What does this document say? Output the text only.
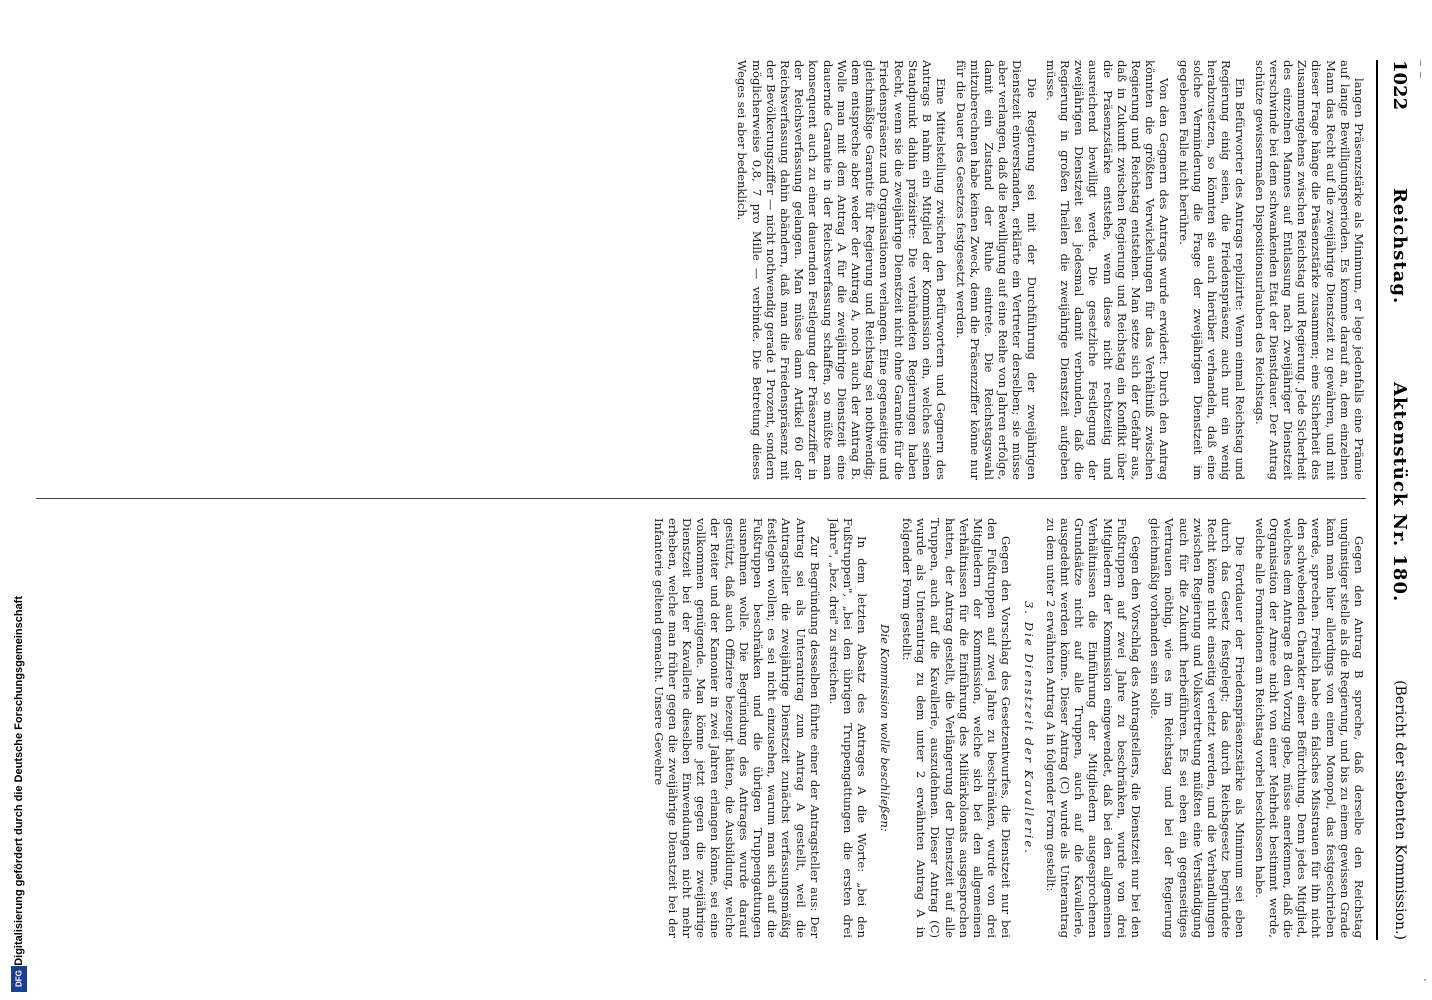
– –
1022
Reichstag.
Aktenstück Nr. 180.
(Bericht der siebenten Kommission.)

langen Präsenzstärke als Minimum, er lege jedenfalls eine Prämie auf lange Bewilligungsperioden. Es komme darauf an, dem einzelnen Mann das Recht auf die zweijährige Dienstzeit zu gewähren, und mit dieser Frage hänge die Präsenzstärke zusammen; eine Sicherheit des Zusammengehens zwischen Reichstag und Regierung. Jede Sicherheit des einzelnen Mannes auf Entlassung nach zweijähriger Dienstzeit verschwinde bei dem schwankenden Etat der Dienstdauer. Der Antrag schütze gewissermaßen Dispositionsurlauben des Reichstags.

Ein Befürworter des Antrags replizirte: Wenn einmal Reichstag und Regierung einig seien, die Friedenspräsenz auch nur ein wenig herabzusetzen, so könnten sie auch hierüber verhandeln, daß eine solche Verminderung die Frage der zweijährigen Dienstzeit im gegebenen Falle nicht berühre.

Von den Gegnern des Antrags wurde erwidert: Durch den Antrag könnten die größten Verwickelungen für das Verhältniß zwischen Regierung und Reichstag entstehen. Man setze sich der Gefahr aus, daß in Zukunft zwischen Regierung und Reichstag ein Konflikt über die Präsenzstärke entstehe, wenn diese nicht rechtzeitig und ausreichend bewilligt werde. Die gesetzliche Festlegung der zweijährigen Dienstzeit sei jedesmal damit verbunden, daß die Regierung in großen Theilen die zweijährige Dienstzeit aufgeben müsse.

Die Regierung sei mit der Durchführung der zweijährigen Dienstzeit einverstanden, erklärte ein Vertreter derselben; sie müsse aber verlangen, daß die Bewilligung auf eine Reihe von Jahren erfolge, damit ein Zustand der Ruhe eintrete. Die Reichstagswahl mitzuberechnen habe keinen Zweck, denn die Präsenzziffer könne nur für die Dauer des Gesetzes festgesetzt werden.

Eine Mittelstellung zwischen den Befürwortern und Gegnern des Antrags B nahm ein Mitglied der Kommission ein, welches seinen Standpunkt dahin präzisirte: Die verbündeten Regierungen haben Recht, wenn sie die zweijährige Dienstzeit nicht ohne Garantie für die Friedenspräsenz und Organisationen verlangen. Eine gegenseitige und gleichmäßige Garantie für Regierung und Reichstag sei nothwendig; dem entspreche aber weder der Antrag A, noch auch der Antrag B. Wolle man mit dem Antrag A für die zweijährige Dienstzeit eine dauernde Garantie in der Reichsverfassung schaffen, so müßte man konsequent auch zu einer dauernden Festlegung der Präsenzziffer in der Reichsverfassung gelangen. Man müsse dann Artikel 60 der Reichsverfassung dahin abändern, daß man die Friedenspräsenz mit der Bevölkerungsziffer — nicht nothwendig gerade 1 Prozent, sondern möglicherweise 0,8, 7 pro Mille — verbinde. Die Betretung dieses Weges sei aber bedenklich.

Gegen den Antrag B spreche, daß derselbe den Reichstag ungünstiger stelle als die Regierung, und bis zu einem gewissen Grade kann man hier allerdings von einem Monopol, das festgeschrieben werde, sprechen. Freilich habe ein falsches Misstrauen für ihn nicht den schwebenden Charakter einer Befürchtung. Denn jedes Mitglied, welches dem Antrage B den Vorzug gebe, müsse anerkennen, daß die Organisation der Armee nicht von einer Mehrheit bestimmt werde, welche alle Formationen am Reichstag vorbei beschlossen habe.

Die Fortdauer der Friedenspräsenzstärke als Minimum sei eben durch das Gesetz festgelegt; das durch Reichsgesetz begründete Recht könne nicht einseitig verletzt werden, und die Verhandlungen zwischen Regierung und Volksvertretung müßten eine Verständigung auch für die Zukunft herbeiführen. Es sei eben ein gegenseitiges Vertrauen nöthig, wie es im Reichstag und bei der Regierung gleichmäßig vorhanden sein solle.

Gegen den Vorschlag des Antragstellers, die Dienstzeit nur bei den Fußtruppen auf zwei Jahre zu beschränken, wurde von drei Mitgliedern der Kommission eingewendet, daß bei den allgemeinen Verhältnissen die Einführung der Mitgliedern ausgesprochenen Grundsätze nicht auf alle Truppen, auch auf die Kavallerie, ausgedehnt werden könne. Dieser Antrag (C) wurde als Unterantrag zu dem unter 2 erwähnten Antrag A in folgender Form gestellt:

3. Die Dienstzeit der Kavallerie.

Gegen den Vorschlag des Gesetzentwurfes, die Dienstzeit nur bei den Fußtruppen auf zwei Jahre zu beschränken, wurde von drei Mitgliedern der Kommission, welche sich bei den allgemeinen Verhältnissen für die Einführung des Militärkolonats ausgesprochen hatten, der Antrag gestellt, die Verlängerung der Dienstzeit auf alle Truppen, auch auf die Kavallerie, auszudehnen. Dieser Antrag (C) wurde als Unterantrag zu dem unter 2 erwähnten Antrag A in folgender Form gestellt:

Die Kommission wolle beschließen:

In dem letzten Absatz des Antrages A die Worte: „bei den Fußtruppen", „bei den übrigen Truppengattungen die ersten drei Jahre", „bez. drei" zu streichen.

Zur Begründung desselben führte einer der Antragsteller aus: Der Antrag sei als Unterantrag zum Antrag A gestellt, weil die Antragsteller die zweijährige Dienstzeit zunächst verfassungsmäßig festlegen wollen; es sei nicht einzusehen, warum man sich auf die Fußtruppen beschränken und die übrigen Truppengattungen ausnehmen wolle. Die Begründung des Antrages wurde darauf gestützt, daß auch Offiziere bezeugt hätten, die Ausbildung, welche der Reiter und der Kanonier in zwei Jahren erlangen könne, sei eine vollkommen genügende. Man könne jetzt gegen die zweijährige Dienstzeit bei der Kavallerie dieselben Einwendungen nicht mehr erheben, welche man früher gegen die zweijährige Dienstzeit bei der Infanterie geltend gemacht. Unsere Gewehre

DFG
Digitalisierung gefördert durch die Deutsche Forschungsgemeinschaft
·
